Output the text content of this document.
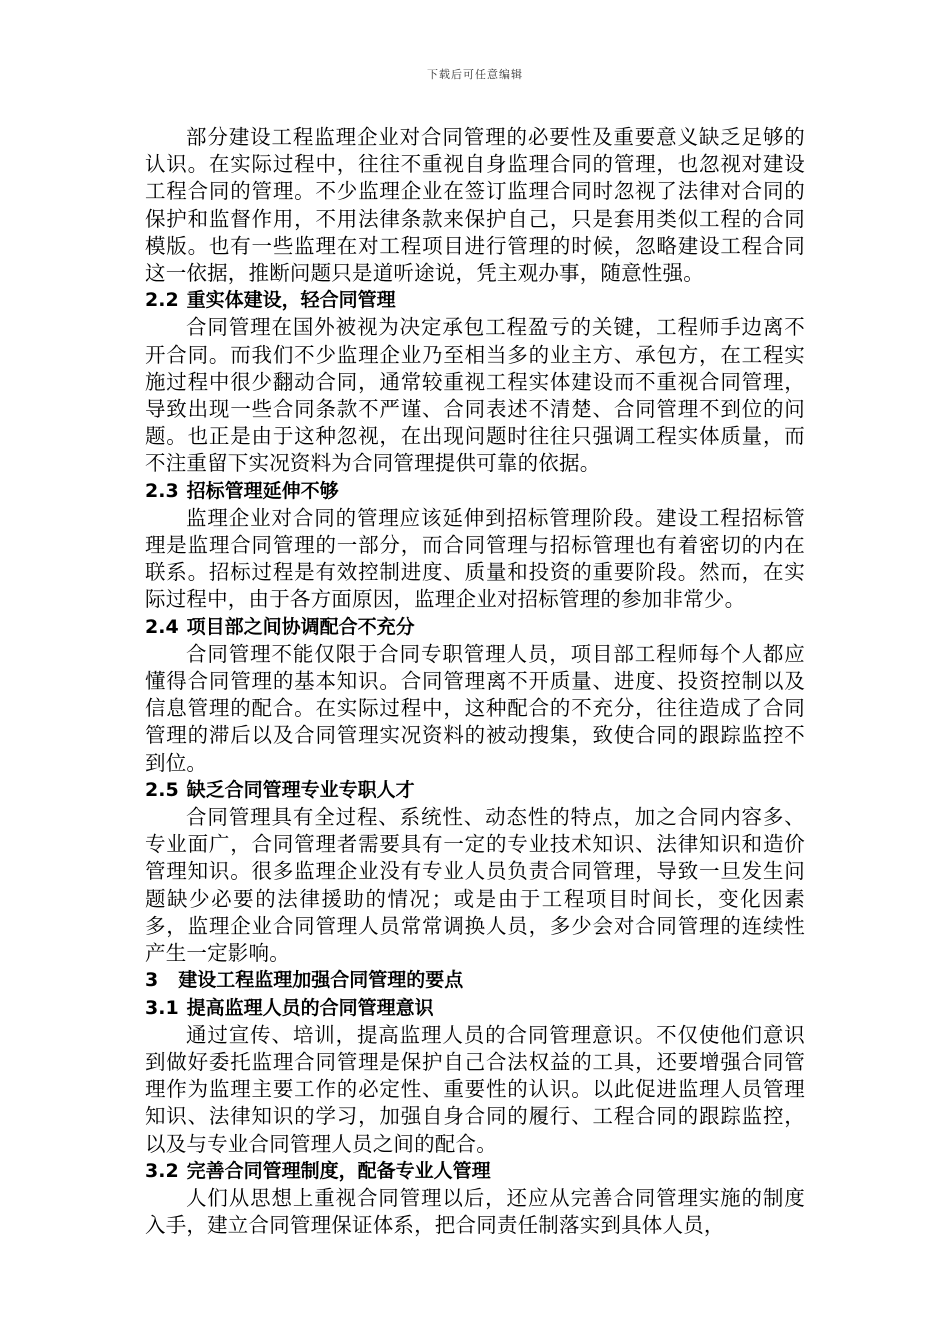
下载后可任意编辑

部分建设工程监理企业对合同管理的必要性及重要意义缺乏足够的认识。在实际过程中，往往不重视自身监理合同的管理，也忽视对建设工程合同的管理。不少监理企业在签订监理合同时忽视了法律对合同的保护和监督作用，不用法律条款来保护自己，只是套用类似工程的合同模版。也有一些监理在对工程项目进行管理的时候，忽略建设工程合同这一依据，推断问题只是道听途说，凭主观办事，随意性强。

2.2 重实体建设，轻合同管理

合同管理在国外被视为决定承包工程盈亏的关键，工程师手边离不开合同。而我们不少监理企业乃至相当多的业主方、承包方，在工程实施过程中很少翻动合同，通常较重视工程实体建设而不重视合同管理，导致出现一些合同条款不严谨、合同表述不清楚、合同管理不到位的问题。也正是由于这种忽视，在出现问题时往往只强调工程实体质量，而不注重留下实况资料为合同管理提供可靠的依据。

2.3 招标管理延伸不够

监理企业对合同的管理应该延伸到招标管理阶段。建设工程招标管理是监理合同管理的一部分，而合同管理与招标管理也有着密切的内在联系。招标过程是有效控制进度、质量和投资的重要阶段。然而，在实际过程中，由于各方面原因，监理企业对招标管理的参加非常少。

2.4 项目部之间协调配合不充分

合同管理不能仅限于合同专职管理人员，项目部工程师每个人都应懂得合同管理的基本知识。合同管理离不开质量、进度、投资控制以及信息管理的配合。在实际过程中，这种配合的不充分，往往造成了合同管理的滞后以及合同管理实况资料的被动搜集，致使合同的跟踪监控不到位。

2.5 缺乏合同管理专业专职人才

合同管理具有全过程、系统性、动态性的特点，加之合同内容多、专业面广，合同管理者需要具有一定的专业技术知识、法律知识和造价管理知识。很多监理企业没有专业人员负责合同管理，导致一旦发生问题缺少必要的法律援助的情况；或是由于工程项目时间长，变化因素多，监理企业合同管理人员常常调换人员，多少会对合同管理的连续性产生一定影响。

3 建设工程监理加强合同管理的要点
3.1 提高监理人员的合同管理意识

通过宣传、培训，提高监理人员的合同管理意识。不仅使他们意识到做好委托监理合同管理是保护自己合法权益的工具，还要增强合同管理作为监理主要工作的必定性、重要性的认识。以此促进监理人员管理知识、法律知识的学习，加强自身合同的履行、工程合同的跟踪监控，以及与专业合同管理人员之间的配合。

3.2 完善合同管理制度，配备专业人管理

人们从思想上重视合同管理以后，还应从完善合同管理实施的制度入手，建立合同管理保证体系，把合同责任制落实到具体人员，
